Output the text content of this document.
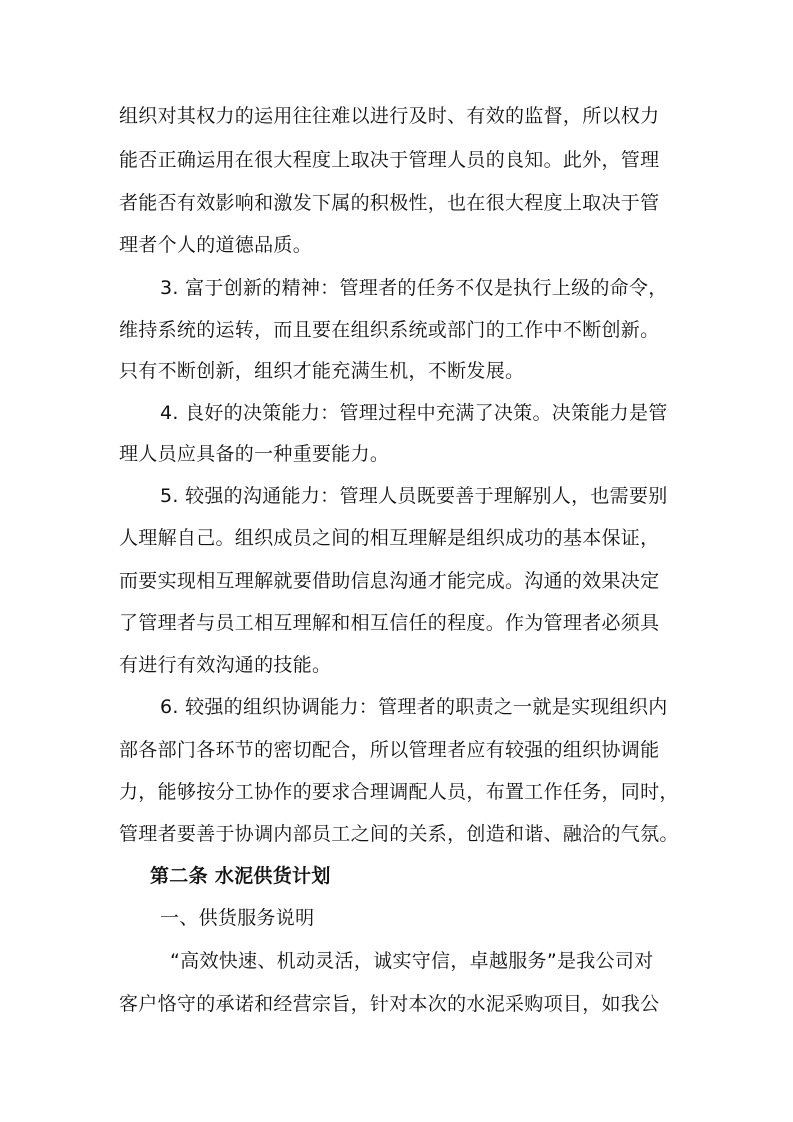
组织对其权力的运用往往难以进行及时、有效的监督，所以权力
能否正确运用在很大程度上取决于管理人员的良知。此外，管理
者能否有效影响和激发下属的积极性，也在很大程度上取决于管
理者个人的道德品质。
3. 富于创新的精神：管理者的任务不仅是执行上级的命令，
维持系统的运转，而且要在组织系统或部门的工作中不断创新。
只有不断创新，组织才能充满生机，不断发展。
4. 良好的决策能力：管理过程中充满了决策。决策能力是管
理人员应具备的一种重要能力。
5. 较强的沟通能力：管理人员既要善于理解别人，也需要别
人理解自己。组织成员之间的相互理解是组织成功的基本保证，
而要实现相互理解就要借助信息沟通才能完成。沟通的效果决定
了管理者与员工相互理解和相互信任的程度。作为管理者必须具
有进行有效沟通的技能。
6. 较强的组织协调能力：管理者的职责之一就是实现组织内
部各部门各环节的密切配合，所以管理者应有较强的组织协调能
力，能够按分工协作的要求合理调配人员，布置工作任务，同时，
管理者要善于协调内部员工之间的关系，创造和谐、融洽的气氛。
第二条 水泥供货计划
一、供货服务说明
“高效快速、机动灵活，诚实守信，卓越服务”是我公司对
客户恪守的承诺和经营宗旨，针对本次的水泥采购项目，如我公
